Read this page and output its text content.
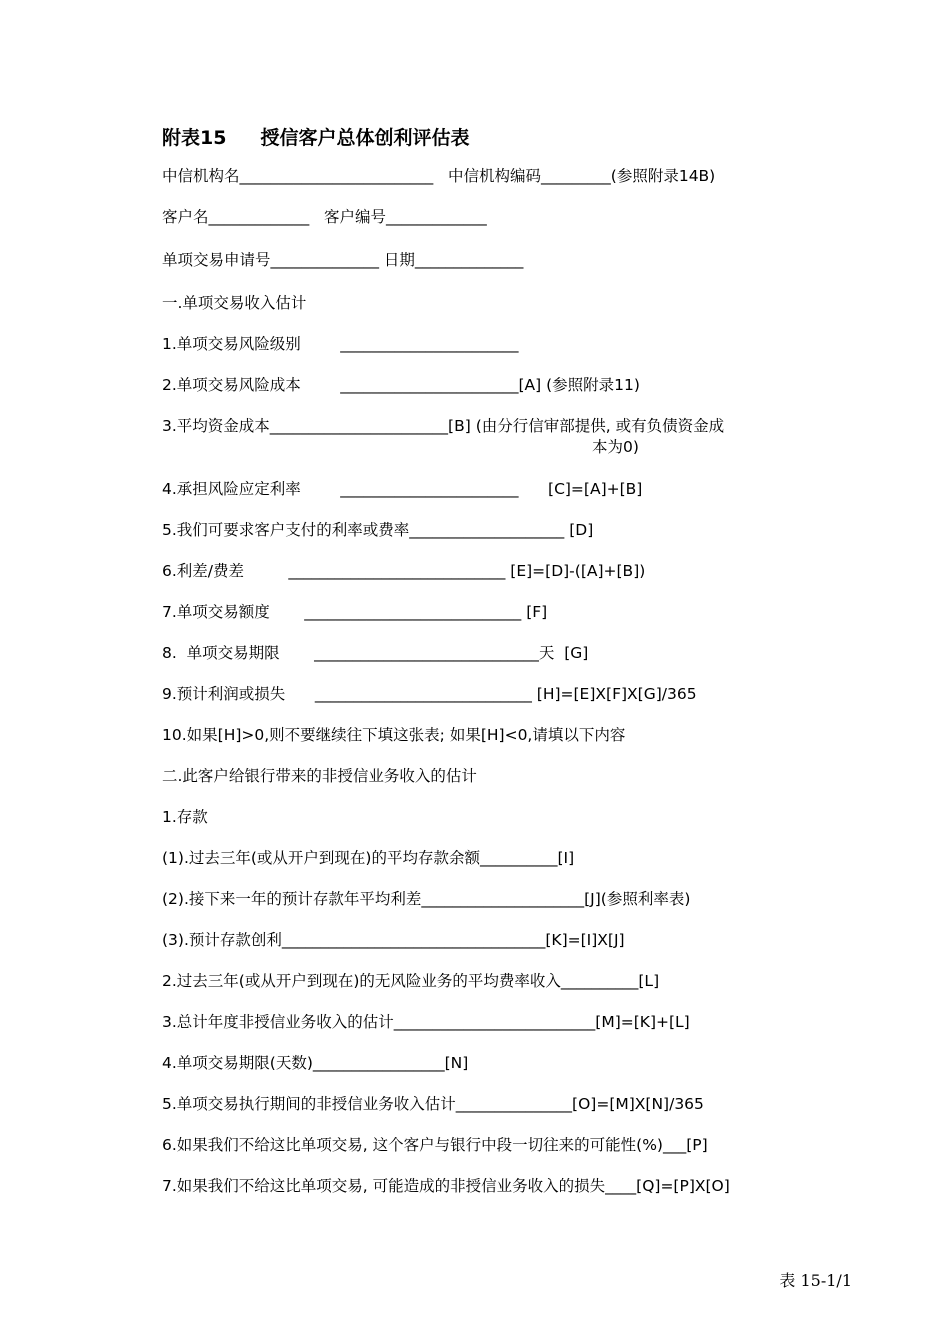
附表15 授信客户总体创利评估表
中信机构名_________________________   中信机构编码_________(参照附录14B)
客户名_____________   客户编号_____________
单项交易申请号______________ 日期______________
一.单项交易收入估计
1.单项交易风险级别        _______________________
2.单项交易风险成本        _______________________[A] (参照附录11)
3.平均资金成本_______________________[B] (由分行信审部提供, 或有负债资金成
本为0)
4.承担风险应定利率        _______________________      [C]=[A]+[B]
5.我们可要求客户支付的利率或费率____________________ [D]
6.利差/费差         ____________________________ [E]=[D]-([A]+[B])
7.单项交易额度       ____________________________ [F]
8.  单项交易期限       _____________________________天  [G]
9.预计利润或损失      ____________________________ [H]=[E]X[F]X[G]/365
10.如果[H]>0,则不要继续往下填这张表; 如果[H]<0,请填以下内容
二.此客户给银行带来的非授信业务收入的估计
1.存款
(1).过去三年(或从开户到现在)的平均存款余额__________[I]
(2).接下来一年的预计存款年平均利差_____________________[J](参照利率表)
(3).预计存款创利__________________________________[K]=[I]X[J]
2.过去三年(或从开户到现在)的无风险业务的平均费率收入__________[L]
3.总计年度非授信业务收入的估计__________________________[M]=[K]+[L]
4.单项交易期限(天数)_________________[N]
5.单项交易执行期间的非授信业务收入估计_______________[O]=[M]X[N]/365
6.如果我们不给这比单项交易, 这个客户与银行中段一切往来的可能性(%)___[P]
7.如果我们不给这比单项交易, 可能造成的非授信业务收入的损失____[Q]=[P]X[O]
表 15-1/1
